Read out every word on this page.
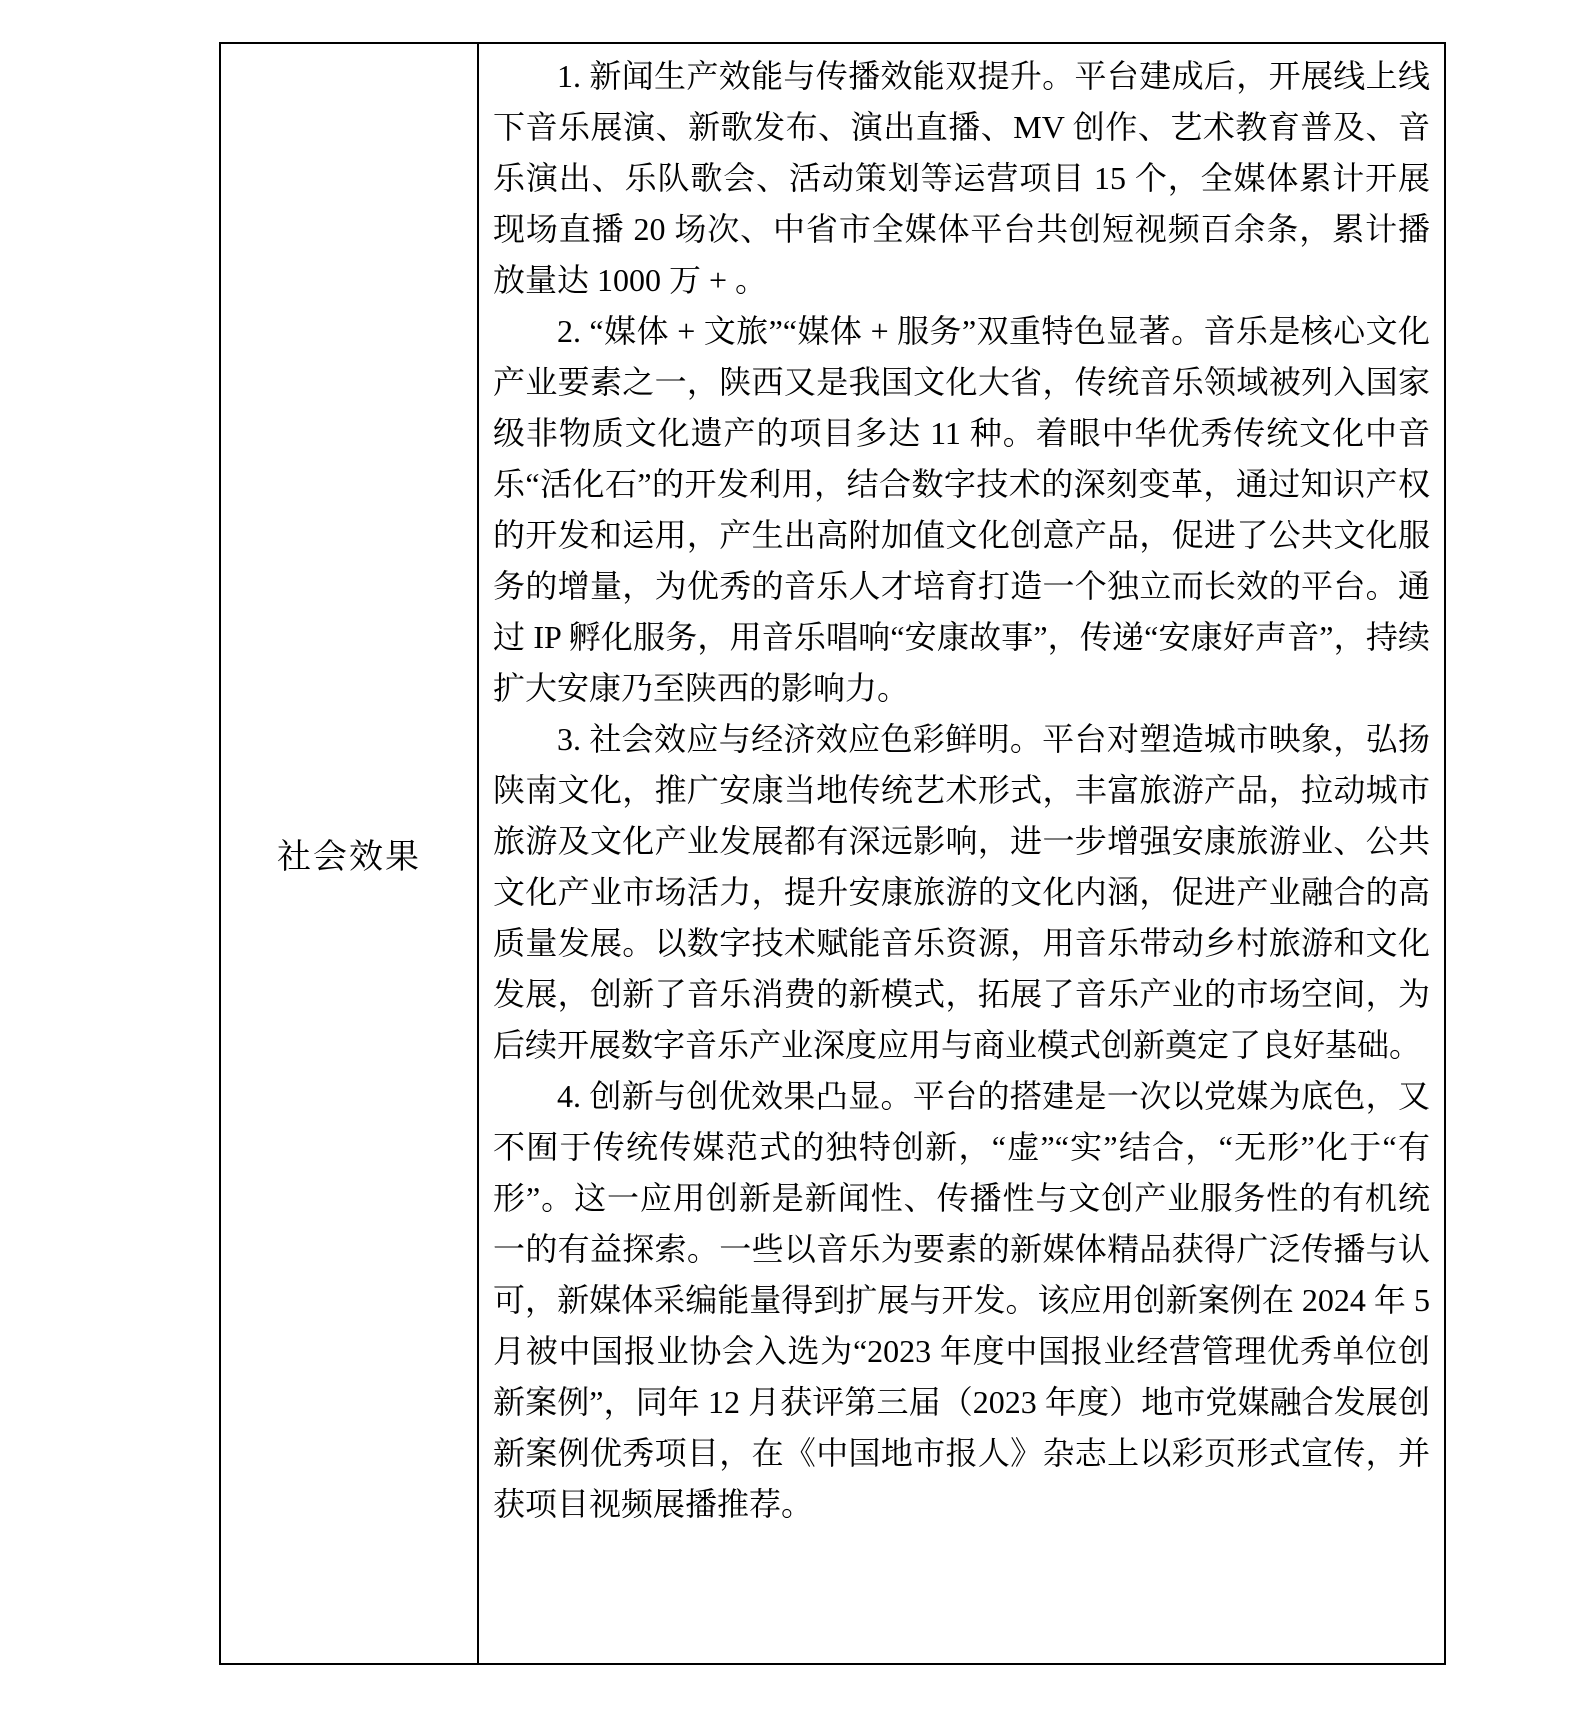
社会效果

1. 新闻生产效能与传播效能双提升。平台建成后，开展线上线下音乐展演、新歌发布、演出直播、MV 创作、艺术教育普及、音乐演出、乐队歌会、活动策划等运营项目 15 个，全媒体累计开展现场直播 20 场次、中省市全媒体平台共创短视频百余条，累计播放量达 1000 万 + 。

2. “媒体 + 文旅”“媒体 + 服务”双重特色显著。音乐是核心文化产业要素之一，陕西又是我国文化大省，传统音乐领域被列入国家级非物质文化遗产的项目多达 11 种。着眼中华优秀传统文化中音乐“活化石”的开发利用，结合数字技术的深刻变革，通过知识产权的开发和运用，产生出高附加值文化创意产品，促进了公共文化服务的增量，为优秀的音乐人才培育打造一个独立而长效的平台。通过 IP 孵化服务，用音乐唱响“安康故事”，传递“安康好声音”，持续扩大安康乃至陕西的影响力。

3. 社会效应与经济效应色彩鲜明。平台对塑造城市映象，弘扬陕南文化，推广安康当地传统艺术形式，丰富旅游产品，拉动城市旅游及文化产业发展都有深远影响，进一步增强安康旅游业、公共文化产业市场活力，提升安康旅游的文化内涵，促进产业融合的高质量发展。以数字技术赋能音乐资源，用音乐带动乡村旅游和文化发展，创新了音乐消费的新模式，拓展了音乐产业的市场空间，为后续开展数字音乐产业深度应用与商业模式创新奠定了良好基础。

4. 创新与创优效果凸显。平台的搭建是一次以党媒为底色，又不囿于传统传媒范式的独特创新，“虚”“实”结合，“无形”化于“有形”。这一应用创新是新闻性、传播性与文创产业服务性的有机统一的有益探索。一些以音乐为要素的新媒体精品获得广泛传播与认可，新媒体采编能量得到扩展与开发。该应用创新案例在 2024 年 5 月被中国报业协会入选为“2023 年度中国报业经营管理优秀单位创新案例”，同年 12 月获评第三届（2023 年度）地市党媒融合发展创新案例优秀项目，在《中国地市报人》杂志上以彩页形式宣传，并获项目视频展播推荐。
